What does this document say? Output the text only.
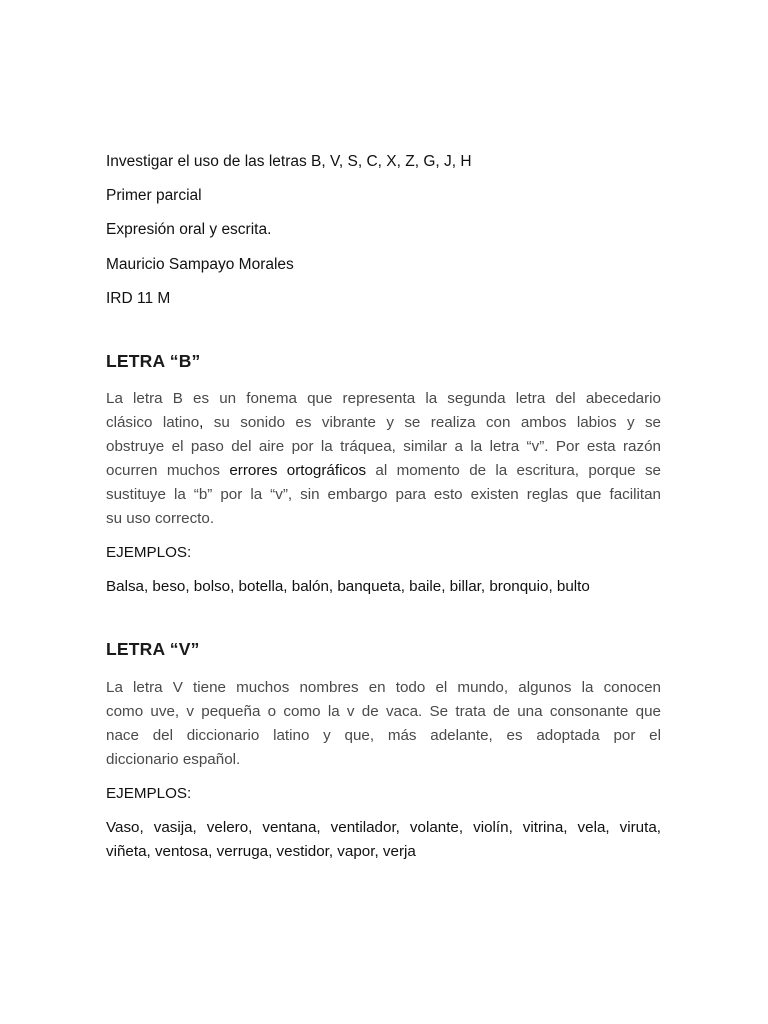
Investigar el uso de las letras B, V, S, C, X, Z, G, J, H
Primer parcial
Expresión oral y escrita.
Mauricio Sampayo Morales
IRD 11 M
LETRA “B”
La letra B es un fonema que representa la segunda letra del abecedario
clásico latino, su sonido es vibrante y se realiza con ambos labios y se
obstruye el paso del aire por la tráquea, similar a la letra “v”. Por esta razón
ocurren muchos errores ortográficos al momento de la escritura, porque se
sustituye la “b” por la “v”, sin embargo para esto existen reglas que facilitan
su uso correcto.
EJEMPLOS:
Balsa, beso, bolso, botella, balón, banqueta, baile, billar, bronquio, bulto
LETRA “V”
La letra V tiene muchos nombres en todo el mundo, algunos la conocen
como uve, v pequeña o como la v de vaca. Se trata de una consonante que
nace del diccionario latino y que, más adelante, es adoptada por el
diccionario español.
EJEMPLOS:
Vaso, vasija, velero, ventana, ventilador, volante, violín, vitrina, vela, viruta,
viñeta, ventosa, verruga, vestidor, vapor, verja
